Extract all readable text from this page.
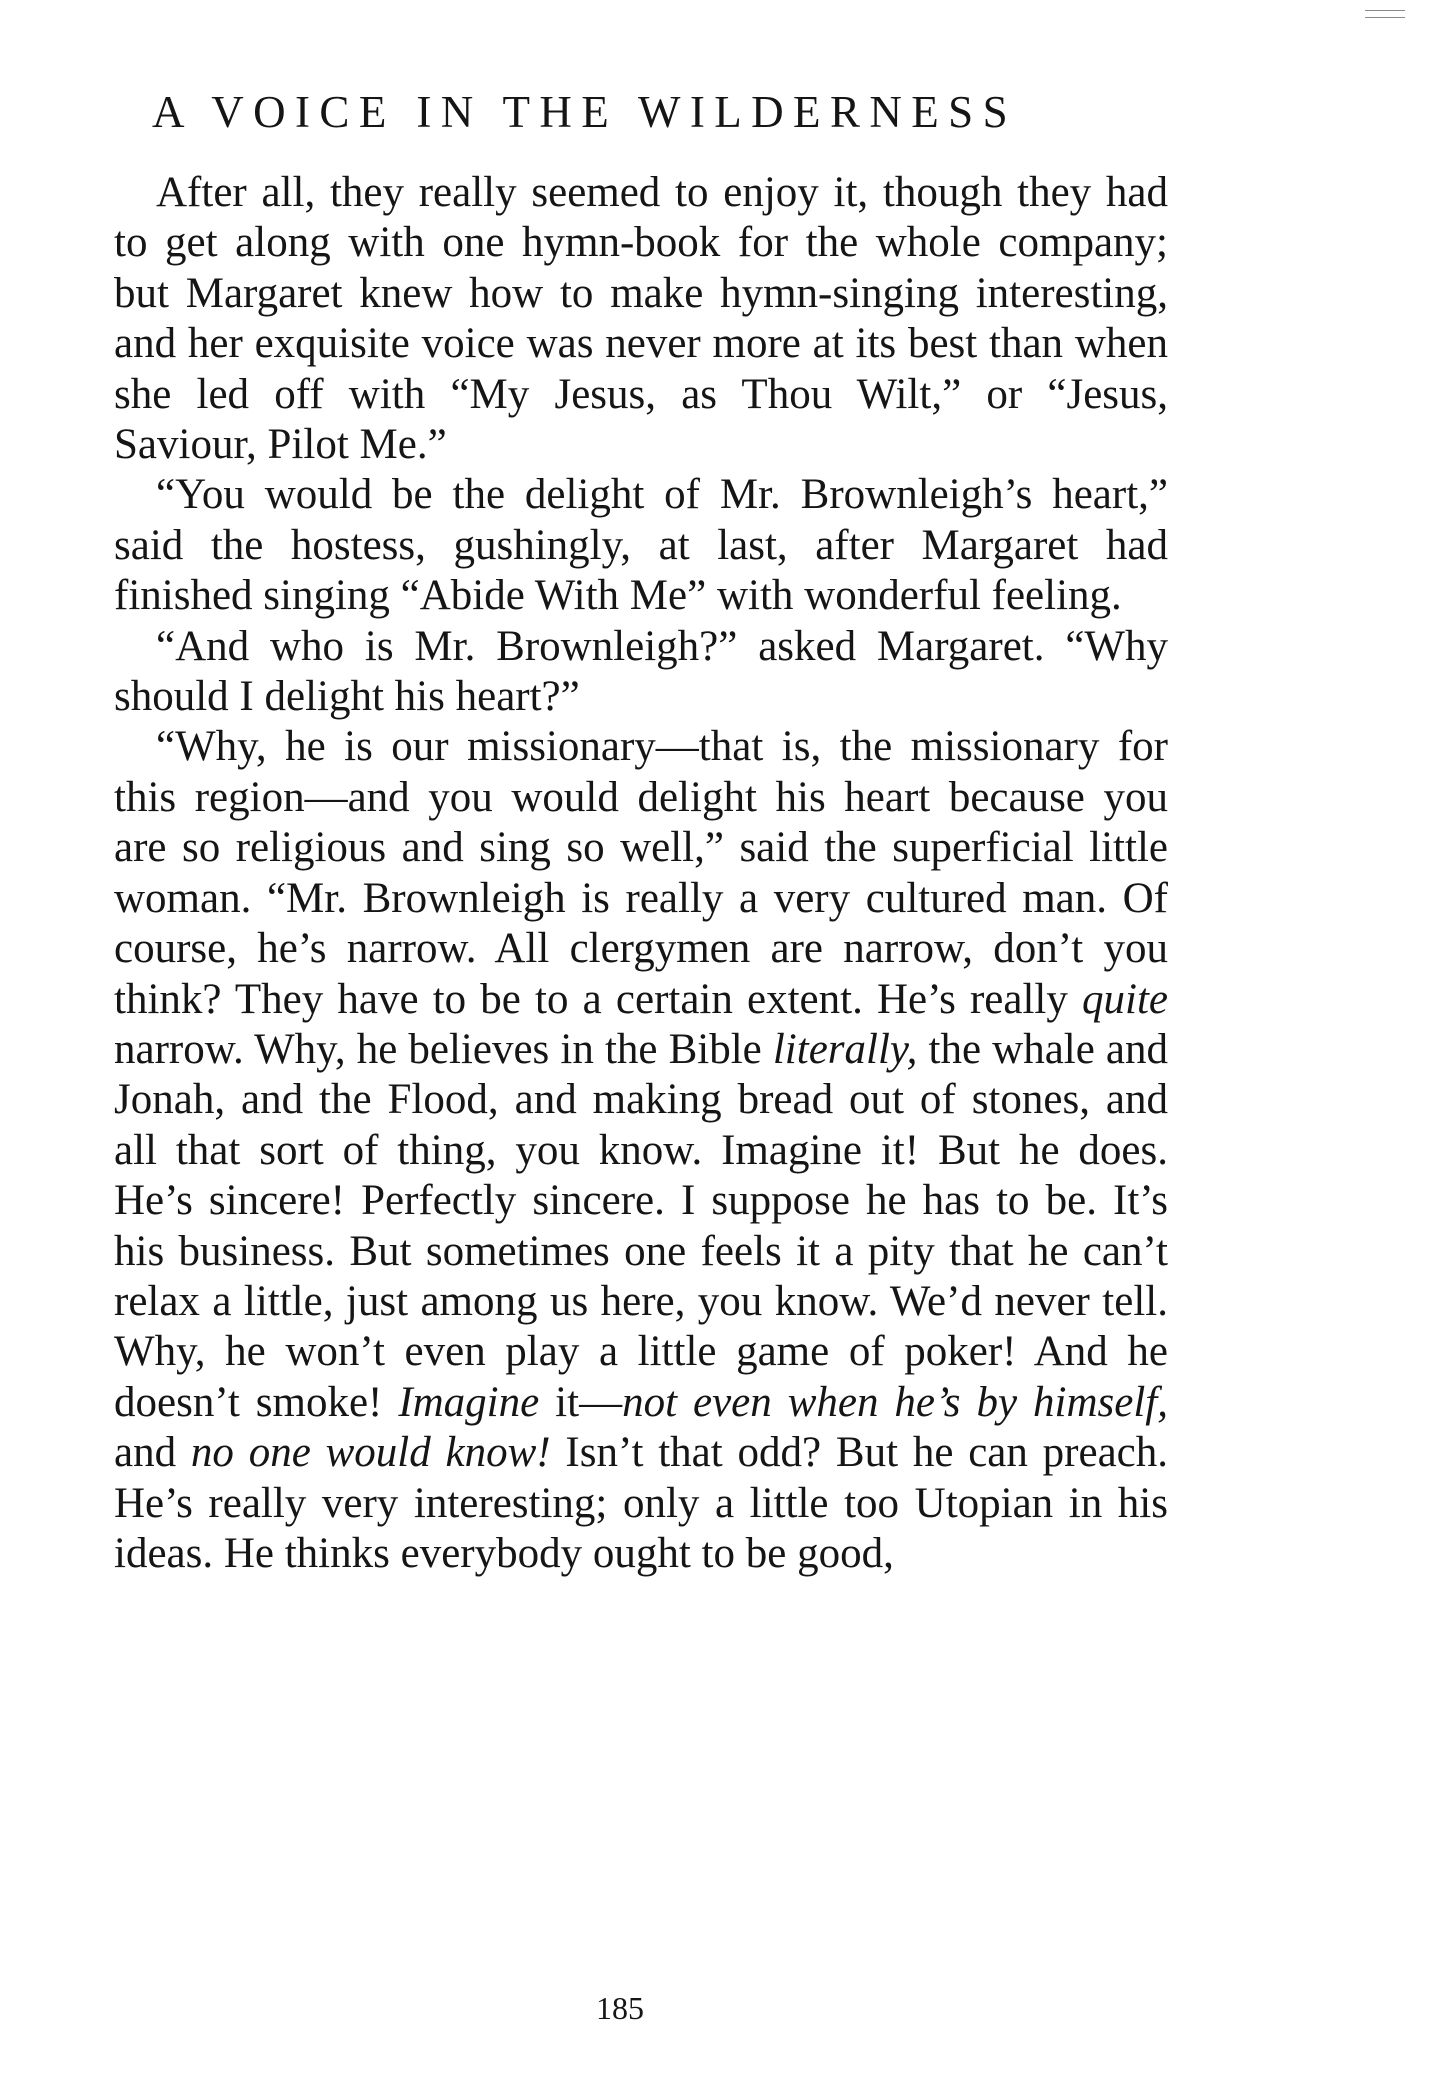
A VOICE IN THE WILDERNESS

After all, they really seemed to enjoy it, though they had to get along with one hymn-book for the whole company; but Margaret knew how to make hymn-singing interesting, and her exquisite voice was never more at its best than when she led off with “My Jesus, as Thou Wilt,” or “Jesus, Saviour, Pilot Me.”

“You would be the delight of Mr. Brownleigh’s heart,” said the hostess, gushingly, at last, after Margaret had finished singing “Abide With Me” with wonderful feeling.

“And who is Mr. Brownleigh?” asked Margaret. “Why should I delight his heart?”

“Why, he is our missionary—that is, the missionary for this region—and you would delight his heart because you are so religious and sing so well,” said the superficial little woman. “Mr. Brownleigh is really a very cultured man. Of course, he’s narrow. All clergymen are narrow, don’t you think? They have to be to a certain extent. He’s really quite narrow. Why, he believes in the Bible literally, the whale and Jonah, and the Flood, and making bread out of stones, and all that sort of thing, you know. Imagine it! But he does. He’s sincere! Perfectly sincere. I suppose he has to be. It’s his business. But sometimes one feels it a pity that he can’t relax a little, just among us here, you know. We’d never tell. Why, he won’t even play a little game of poker! And he doesn’t smoke! Imagine it—not even when he’s by himself, and no one would know! Isn’t that odd? But he can preach. He’s really very interesting; only a little too Utopian in his ideas. He thinks everybody ought to be good,

185
